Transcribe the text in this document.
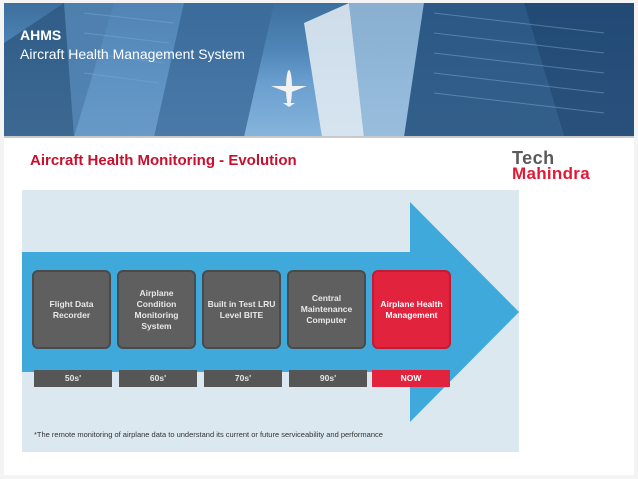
AHMS
Aircraft Health Management System
Aircraft Health Monitoring - Evolution	Tech
Mahindra
Flight Data Recorder
Airplane Condition Monitoring System
Built in Test LRU Level BITE
Central Maintenance Computer
Airplane Health Management
50s'	60s'	70s'	90s'	NOW
*The remote monitoring of airplane data to understand its current or future serviceability and performance
